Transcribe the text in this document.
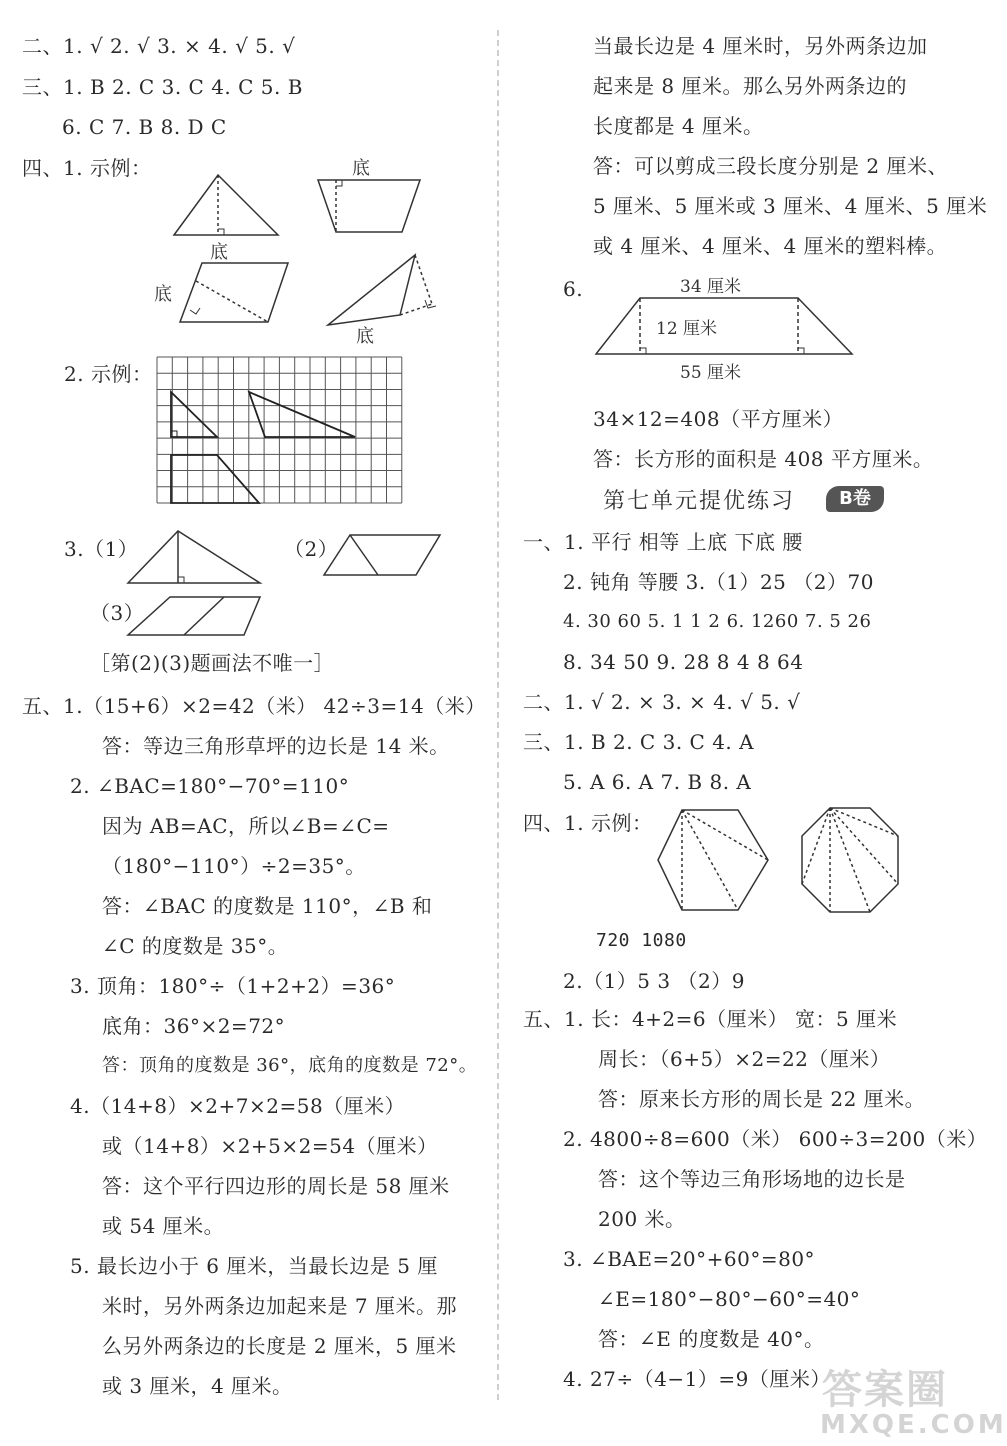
二、1. √ 2. √ 3. × 4. √ 5. √
三、1. B 2. C 3. C 4. C 5. B
6. C 7. B 8. D C
四、1. 示例：
2. 示例：
3.（1）	（2）
（3）
［第(2)(3)题画法不唯一］
五、1.（15+6）×2=42（米） 42÷3=14（米）
答：等边三角形草坪的边长是 14 米。
2. ∠BAC=180°−70°=110°
因为 AB=AC，所以∠B=∠C=
（180°−110°）÷2=35°。
答：∠BAC 的度数是 110°，∠B 和
∠C 的度数是 35°。
3. 顶角：180°÷（1+2+2）=36°
底角：36°×2=72°
答：顶角的度数是 36°，底角的度数是 72°。
4.（14+8）×2+7×2=58（厘米）
或（14+8）×2+5×2=54（厘米）
答：这个平行四边形的周长是 58 厘米
或 54 厘米。
5. 最长边小于 6 厘米，当最长边是 5 厘
米时，另外两条边加起来是 7 厘米。那
么另外两条边的长度是 2 厘米，5 厘米
或 3 厘米，4 厘米。
底
底
底
底
当最长边是 4 厘米时，另外两条边加
起来是 8 厘米。那么另外两条边的
长度都是 4 厘米。
答：可以剪成三段长度分别是 2 厘米、
5 厘米、5 厘米或 3 厘米、4 厘米、5 厘米
或 4 厘米、4 厘米、4 厘米的塑料棒。
6.
34×12=408（平方厘米）
答：长方形的面积是 408 平方厘米。
第七单元提优练习	B卷
一、1. 平行 相等 上底 下底 腰
2. 钝角 等腰 3.（1）25 （2）70
4. 30 60 5. 1 1 2 6. 1260 7. 5 26
8. 34 50 9. 28 8 4 8 64
二、1. √ 2. × 3. × 4. √ 5. √
三、1. B 2. C 3. C 4. A
5. A 6. A 7. B 8. A
四、1. 示例：
720 1080
2.（1）5 3 （2）9
五、1. 长：4+2=6（厘米） 宽：5 厘米
周长：（6+5）×2=22（厘米）
答：原来长方形的周长是 22 厘米。
2. 4800÷8=600（米） 600÷3=200（米）
答：这个等边三角形场地的边长是
200 米。
3. ∠BAE=20°+60°=80°
∠E=180°−80°−60°=40°
答：∠E 的度数是 40°。
4. 27÷（4−1）=9（厘米）
34 厘米
12 厘米
55 厘米
答案圈
MXQE.COM
